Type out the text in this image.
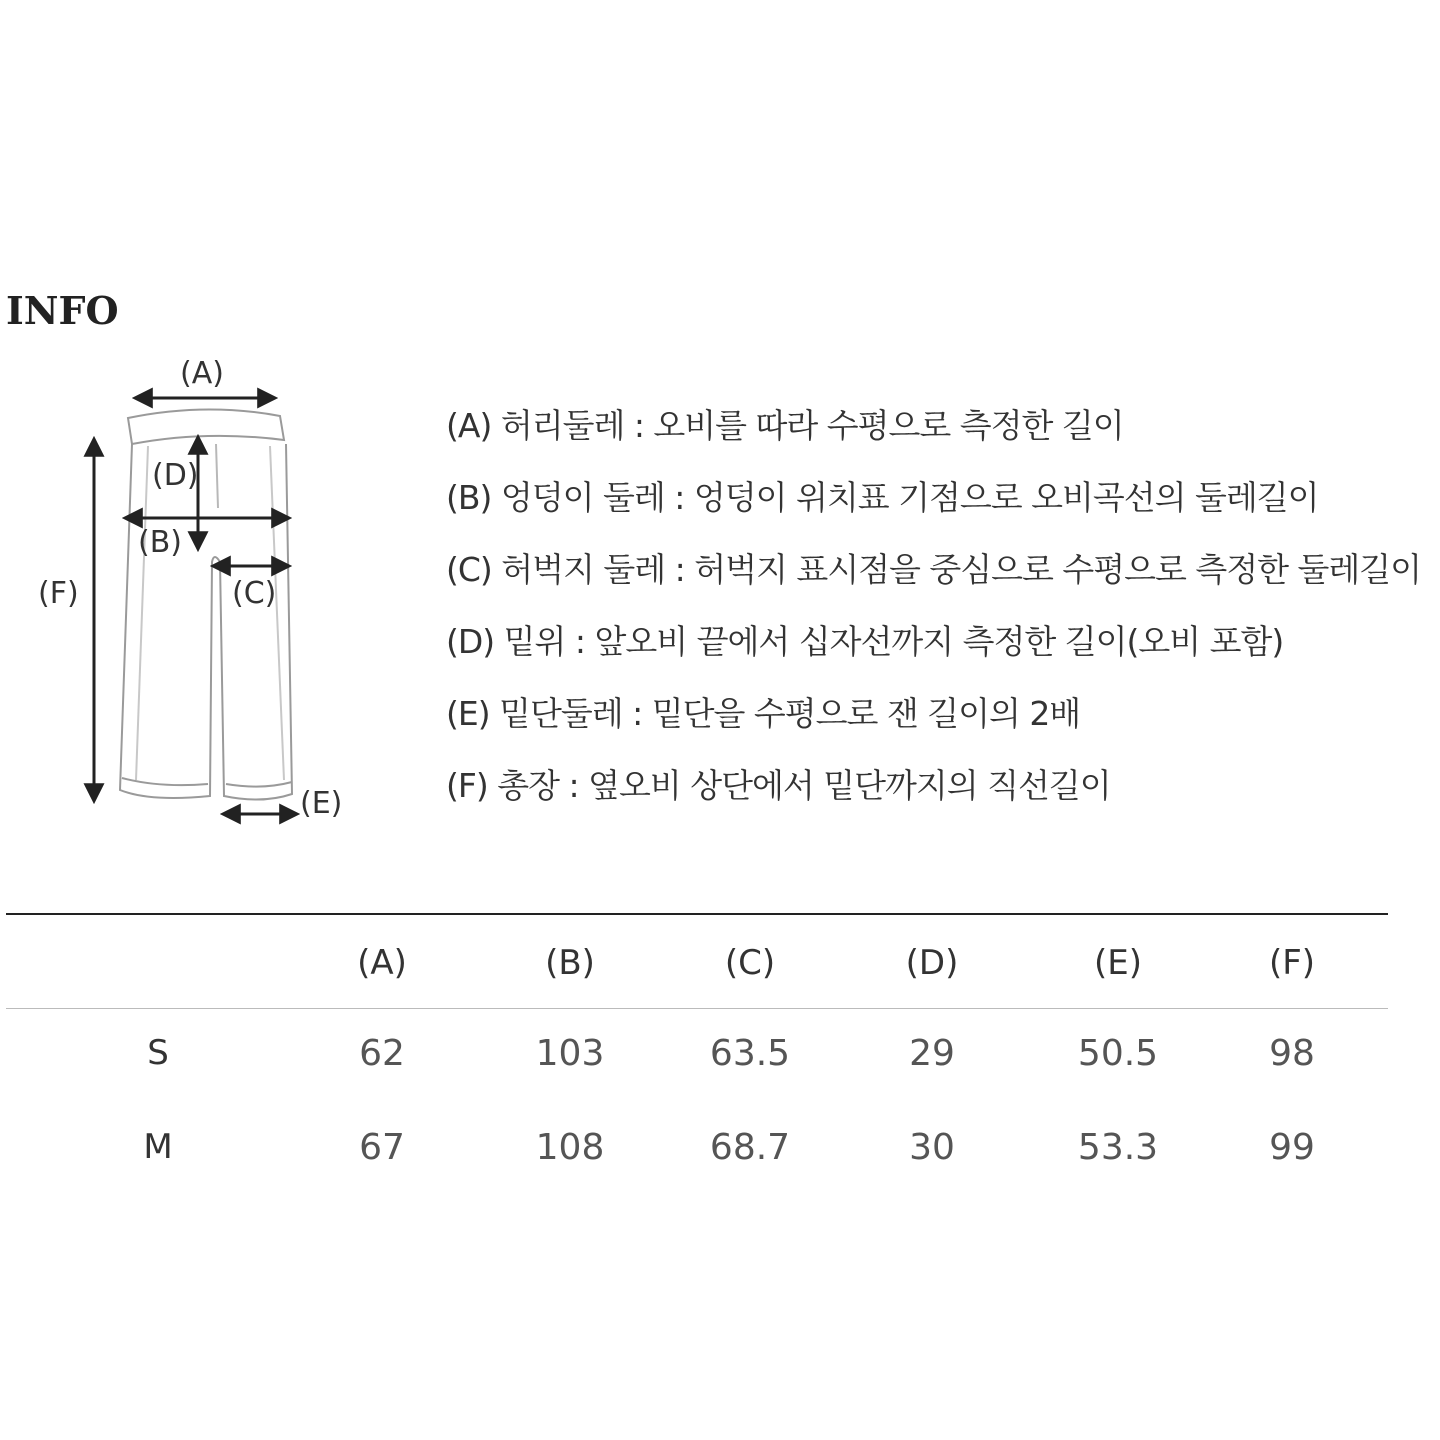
INFO
(A)
(D)
(B)
(F)	(C)
(E)
(A) 허리둘레 : 오비를 따라 수평으로 측정한 길이
(B) 엉덩이 둘레 : 엉덩이 위치표 기점으로 오비곡선의 둘레길이
(C) 허벅지 둘레 : 허벅지 표시점을 중심으로 수평으로 측정한 둘레길이
(D) 밑위 : 앞오비 끝에서 십자선까지 측정한 길이(오비 포함)
(E) 밑단둘레 : 밑단을 수평으로 잰 길이의 2배
(F) 총장 : 옆오비 상단에서 밑단까지의 직선길이
(A)	(B)	(C)	(D)	(E)	(F)
S	62	103	63.5	29	50.5	98
M	67	108	68.7	30	53.3	99
